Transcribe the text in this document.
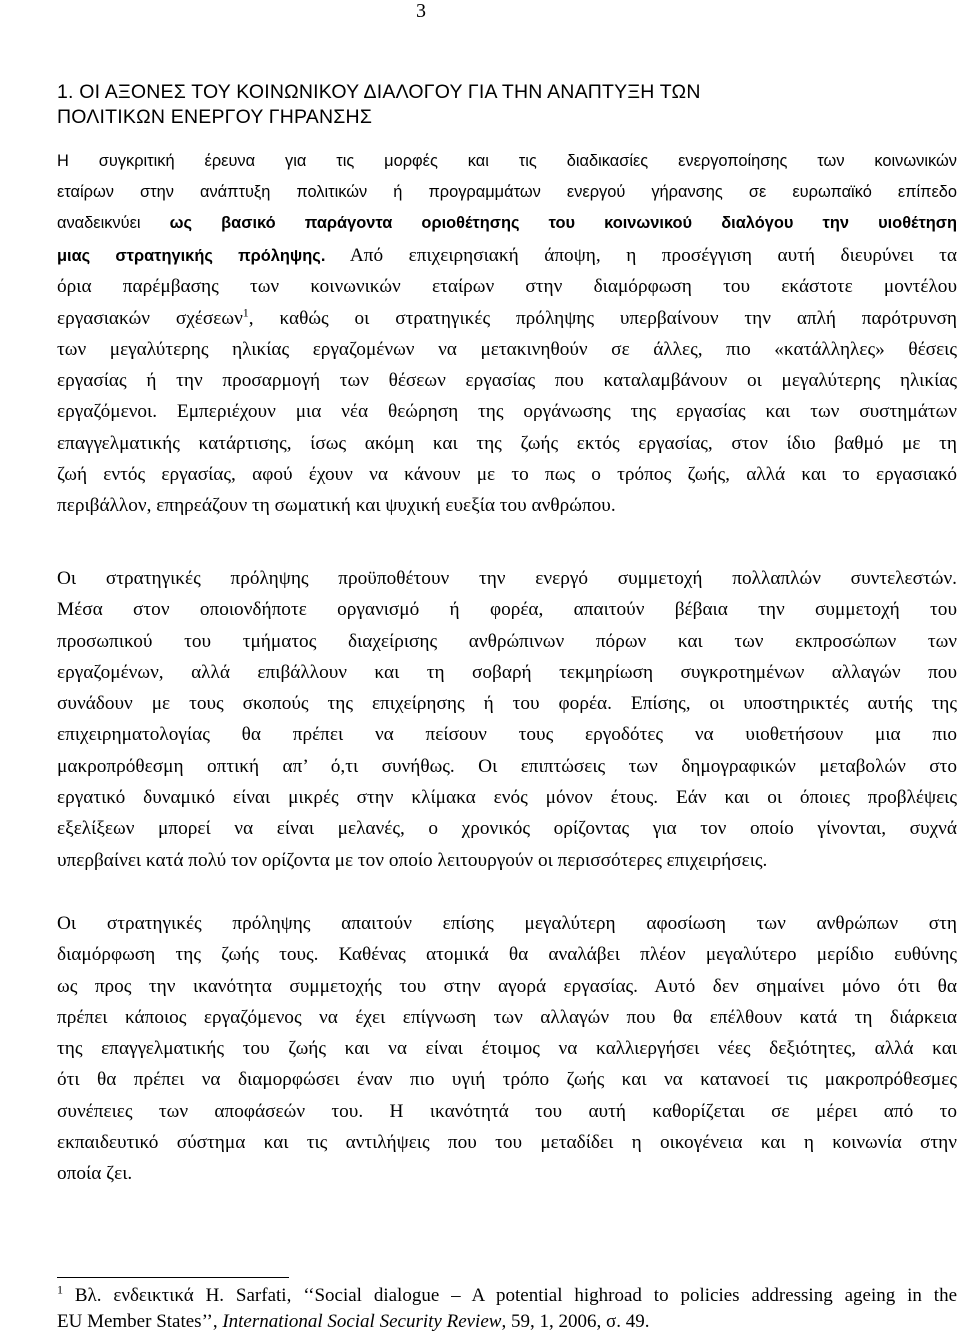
3
1. ΟΙ ΑΞΟΝΕΣ ΤΟΥ ΚΟΙΝΩΝΙΚΟΥ ΔΙΑΛΟΓΟΥ ΓΙΑ ΤΗΝ ΑΝΑΠΤΥΞΗ ΤΩΝ
ΠΟΛΙΤΙΚΩΝ ΕΝΕΡΓΟΥ ΓΗΡΑΝΣΗΣ
Η συγκριτική έρευνα για τις μορφές και τις διαδικασίες ενεργοποίησης των κοινωνικών
εταίρων στην ανάπτυξη πολιτικών ή προγραμμάτων ενεργού γήρανσης σε ευρωπαϊκό επίπεδο
αναδεικνύει ως βασικό παράγοντα οριοθέτησης του κοινωνικού διαλόγου την υιοθέτηση
μιας στρατηγικής πρόληψης. Από επιχειρησιακή άποψη, η προσέγγιση αυτή διευρύνει τα
όρια παρέμβασης των κοινωνικών εταίρων στην διαμόρφωση του εκάστοτε μοντέλου
εργασιακών σχέσεων$^1$, καθώς οι στρατηγικές πρόληψης υπερβαίνουν την απλή παρότρυνση
των μεγαλύτερης ηλικίας εργαζομένων να μετακινηθούν σε άλλες, πιο «κατάλληλες» θέσεις
εργασίας ή την προσαρμογή των θέσεων εργασίας που καταλαμβάνουν οι μεγαλύτερης ηλικίας
εργαζόμενοι. Εμπεριέχουν μια νέα θεώρηση της οργάνωσης της εργασίας και των συστημάτων
επαγγελματικής κατάρτισης, ίσως ακόμη και της ζωής εκτός εργασίας, στον ίδιο βαθμό με τη
ζωή εντός εργασίας, αφού έχουν να κάνουν με το πως ο τρόπος ζωής, αλλά και το εργασιακό
περιβάλλον, επηρεάζουν τη σωματική και ψυχική ευεξία του ανθρώπου.
Οι στρατηγικές πρόληψης προϋποθέτουν την ενεργό συμμετοχή πολλαπλών συντελεστών.
Μέσα στον οποιονδήποτε οργανισμό ή φορέα, απαιτούν βέβαια την συμμετοχή του
προσωπικού του τμήματος διαχείρισης ανθρώπινων πόρων και των εκπροσώπων των
εργαζομένων, αλλά επιβάλλουν και τη σοβαρή τεκμηρίωση συγκροτημένων αλλαγών που
συνάδουν με τους σκοπούς της επιχείρησης ή του φορέα. Επίσης, οι υποστηρικτές αυτής της
επιχειρηματολογίας θα πρέπει να πείσουν τους εργοδότες να υιοθετήσουν μια πιο
μακροπρόθεσμη οπτική απ’ ό,τι συνήθως. Οι επιπτώσεις των δημογραφικών μεταβολών στο
εργατικό δυναμικό είναι μικρές στην κλίμακα ενός μόνον έτους. Εάν και οι όποιες προβλέψεις
εξελίξεων μπορεί να είναι μελανές, ο χρονικός ορίζοντας για τον οποίο γίνονται, συχνά
υπερβαίνει κατά πολύ τον ορίζοντα με τον οποίο λειτουργούν οι περισσότερες επιχειρήσεις.
Οι στρατηγικές πρόληψης απαιτούν επίσης μεγαλύτερη αφοσίωση των ανθρώπων στη
διαμόρφωση της ζωής τους. Καθένας ατομικά θα αναλάβει πλέον μεγαλύτερο μερίδιο ευθύνης
ως προς την ικανότητα συμμετοχής του στην αγορά εργασίας. Αυτό δεν σημαίνει μόνο ότι θα
πρέπει κάποιος εργαζόμενος να έχει επίγνωση των αλλαγών που θα επέλθουν κατά τη διάρκεια
της επαγγελματικής του ζωής και να είναι έτοιμος να καλλιεργήσει νέες δεξιότητες, αλλά και
ότι θα πρέπει να διαμορφώσει έναν πιο υγιή τρόπο ζωής και να κατανοεί τις μακροπρόθεσμες
συνέπειες των αποφάσεών του. Η ικανότητά του αυτή καθορίζεται σε μέρει από το
εκπαιδευτικό σύστημα και τις αντιλήψεις που του μεταδίδει η οικογένεια και η κοινωνία στην
οποία ζει.
$^1$ Βλ. ενδεικτικά H. Sarfati, ‘‘Social dialogue – A potential highroad to policies addressing ageing in the
EU Member States’’, International Social Security Review, 59, 1, 2006, σ. 49.
